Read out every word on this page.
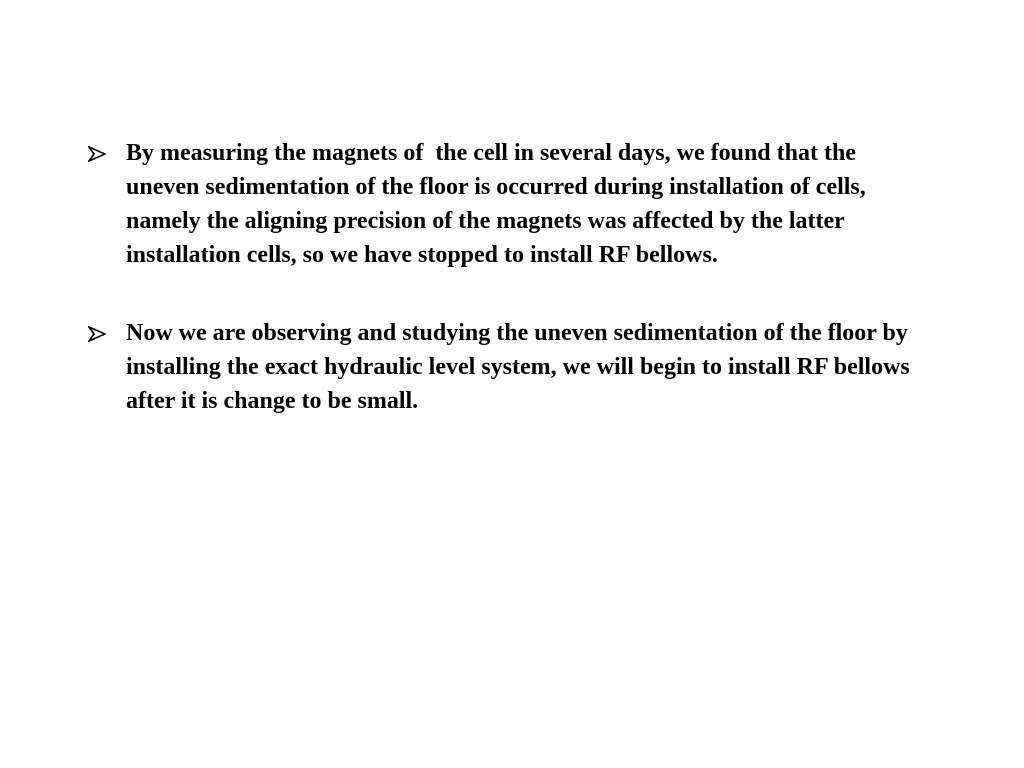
By measuring the magnets of  the cell in several days, we found that the uneven sedimentation of the floor is occurred during installation of cells, namely the aligning precision of the magnets was affected by the latter installation cells, so we have stopped to install RF bellows.
Now we are observing and studying the uneven sedimentation of the floor by installing the exact hydraulic level system, we will begin to install RF bellows after it is change to be small.
